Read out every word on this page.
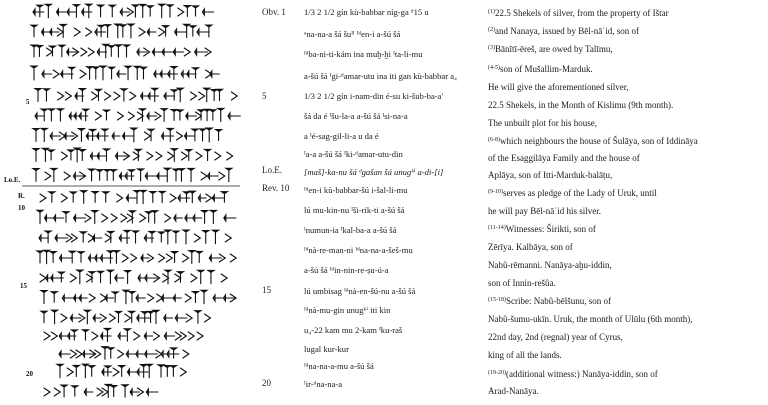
5
Lo.E.
R.
10
15
20
Obv. 1
5
Lo.E.
Rev. 10
15
20
1/3 2 1/2 gín kù-babbar níg-ga ᵈ15 u
ᵃna-na-a šá šuᴵᴵ ᴵᵈen-i a-šú šá
ᴵᵈba-ni-ti-kám ina muḫ-ḫi ᴵta-li-mu
a-šú šá ᴵgi-ᵈamar-utu ina iti gan kù-babbar a₄
1/3 2 1/2 gín i-nam-din é-su ki-šub-ba-a'
šá da é ᴵšu-la-a a-šú šá ᴵsi-na-a
a ᴵé-sag-gil-li-a u da é
ᴵa-a a-šú šá ᴵki-ᵈamar-utu-din
[maš]-ka-nu šá ᵈgašan šá unugᵏⁱ a-di-[i]
ᴵᵈen-i kù-babbar-šú i-šal-li-mu
lú mu-kin-nu ᴵši-rik-ti a-šú šá
ᴵnumun-ia ᴵkal-ba-a a-šú šá
ᴵᵈnà-re-man-ni ᴵᵈna-na-a-šeš-mu
a-šú šá ᴵᵈin-nin-re-ṣu-ú-a
lú umbisag ᴵᵈnà-en-šú-nu a-šú šá
ᴵᵈnà-mu-gin unugᵏⁱ iti kin
u₄-22 kam mu 2-kam ᴵku-raš
lugal kur-kur
ᴵᵈna-na-a-mu a-šú šá
ᴵir-ᵈna-na-a
$^{(1)}$22.5 Shekels of silver, from the property of Ištar
$^{(2)}$and Nanaya, issued by Bēl-nāʾid, son of
$^{(3)}$Bānītī-ēreš, are owed by Talīmu,
$^{(4-5)}$son of Mušallim-Marduk.
He will give the aforementioned silver,
22.5 Shekels, in the Month of Kislimu (9th month).
The unbuilt plot for his house,
$^{(6-8)}$which neighbours the house of Šulāya, son of Iddināya
of the Esaggilāya Family and the house of
Aplāya, son of Itti-Marduk-balāṭu,
$^{(9-10)}$serves as pledge of the Lady of Uruk, until
he will pay Bēl-nāʾid his silver.
$^{(11-14)}$Witnesses: Širikti, son of
Zērīya. Kalbāya, son of
Nabû-rēmanni. Nanāya-aḫu-iddin,
son of Innin-rešûa.
$^{(15-18)}$Scribe: Nabû-bēlšunu, son of
Nabû-šumu-ukīn. Uruk, the month of Ulūlu (6th month),
22nd day, 2nd (regnal) year of Cyrus,
king of all the lands.
$^{(19-20)}$(additional witness:) Nanāya-iddin, son of
Arad-Nanāya.
